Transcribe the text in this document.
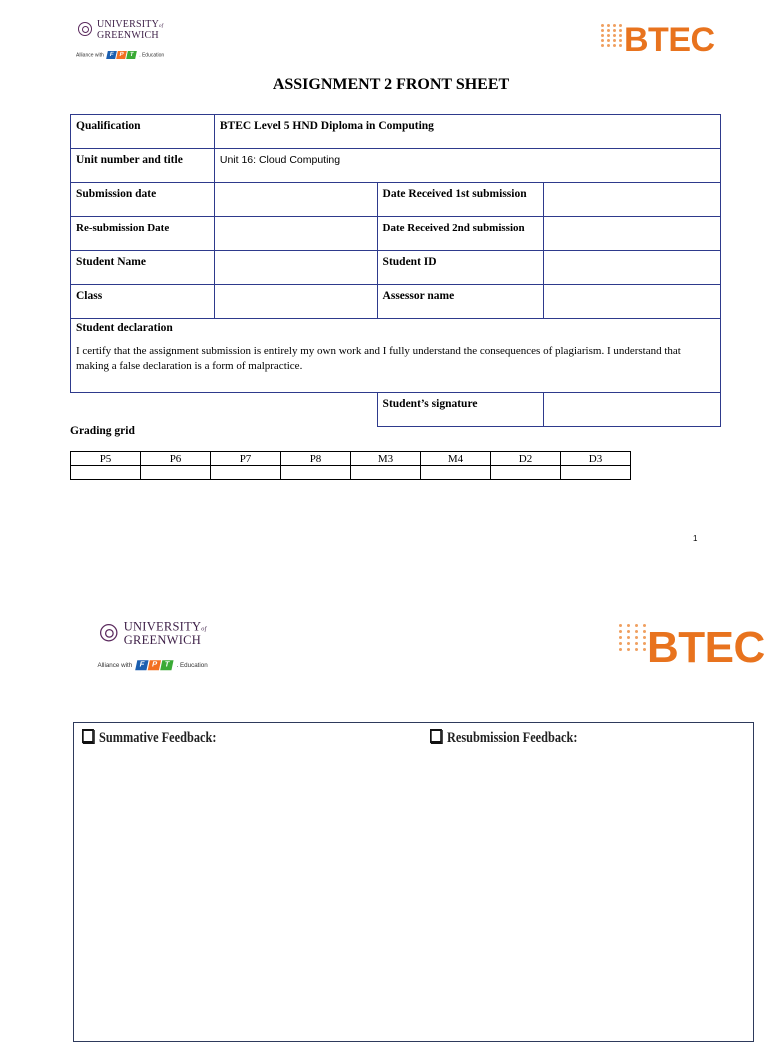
UNIVERSITYof
GREENWICH
Alliance with F P T . Education	BTEC
ASSIGNMENT 2 FRONT SHEET
Qualification	BTEC Level 5 HND Diploma in Computing		
Unit number and title	Unit 16: Cloud Computing		
Submission date		Date Received 1st submission	
Re-submission Date		Date Received 2nd submission	
Student Name		Student ID	
Class		Assessor name	

Student declaration
I certify that the assignment submission is entirely my own work and I fully understand the consequences of plagiarism. I understand that making a false declaration is a form of malpractice.			

		Student’s signature	
Grading grid
P5	P6	P7	P8	M3	M4	D2	D3

1
UNIVERSITYof
GREENWICH
Alliance with F P T . Education	BTEC
Summative Feedback:	Resubmission Feedback:
